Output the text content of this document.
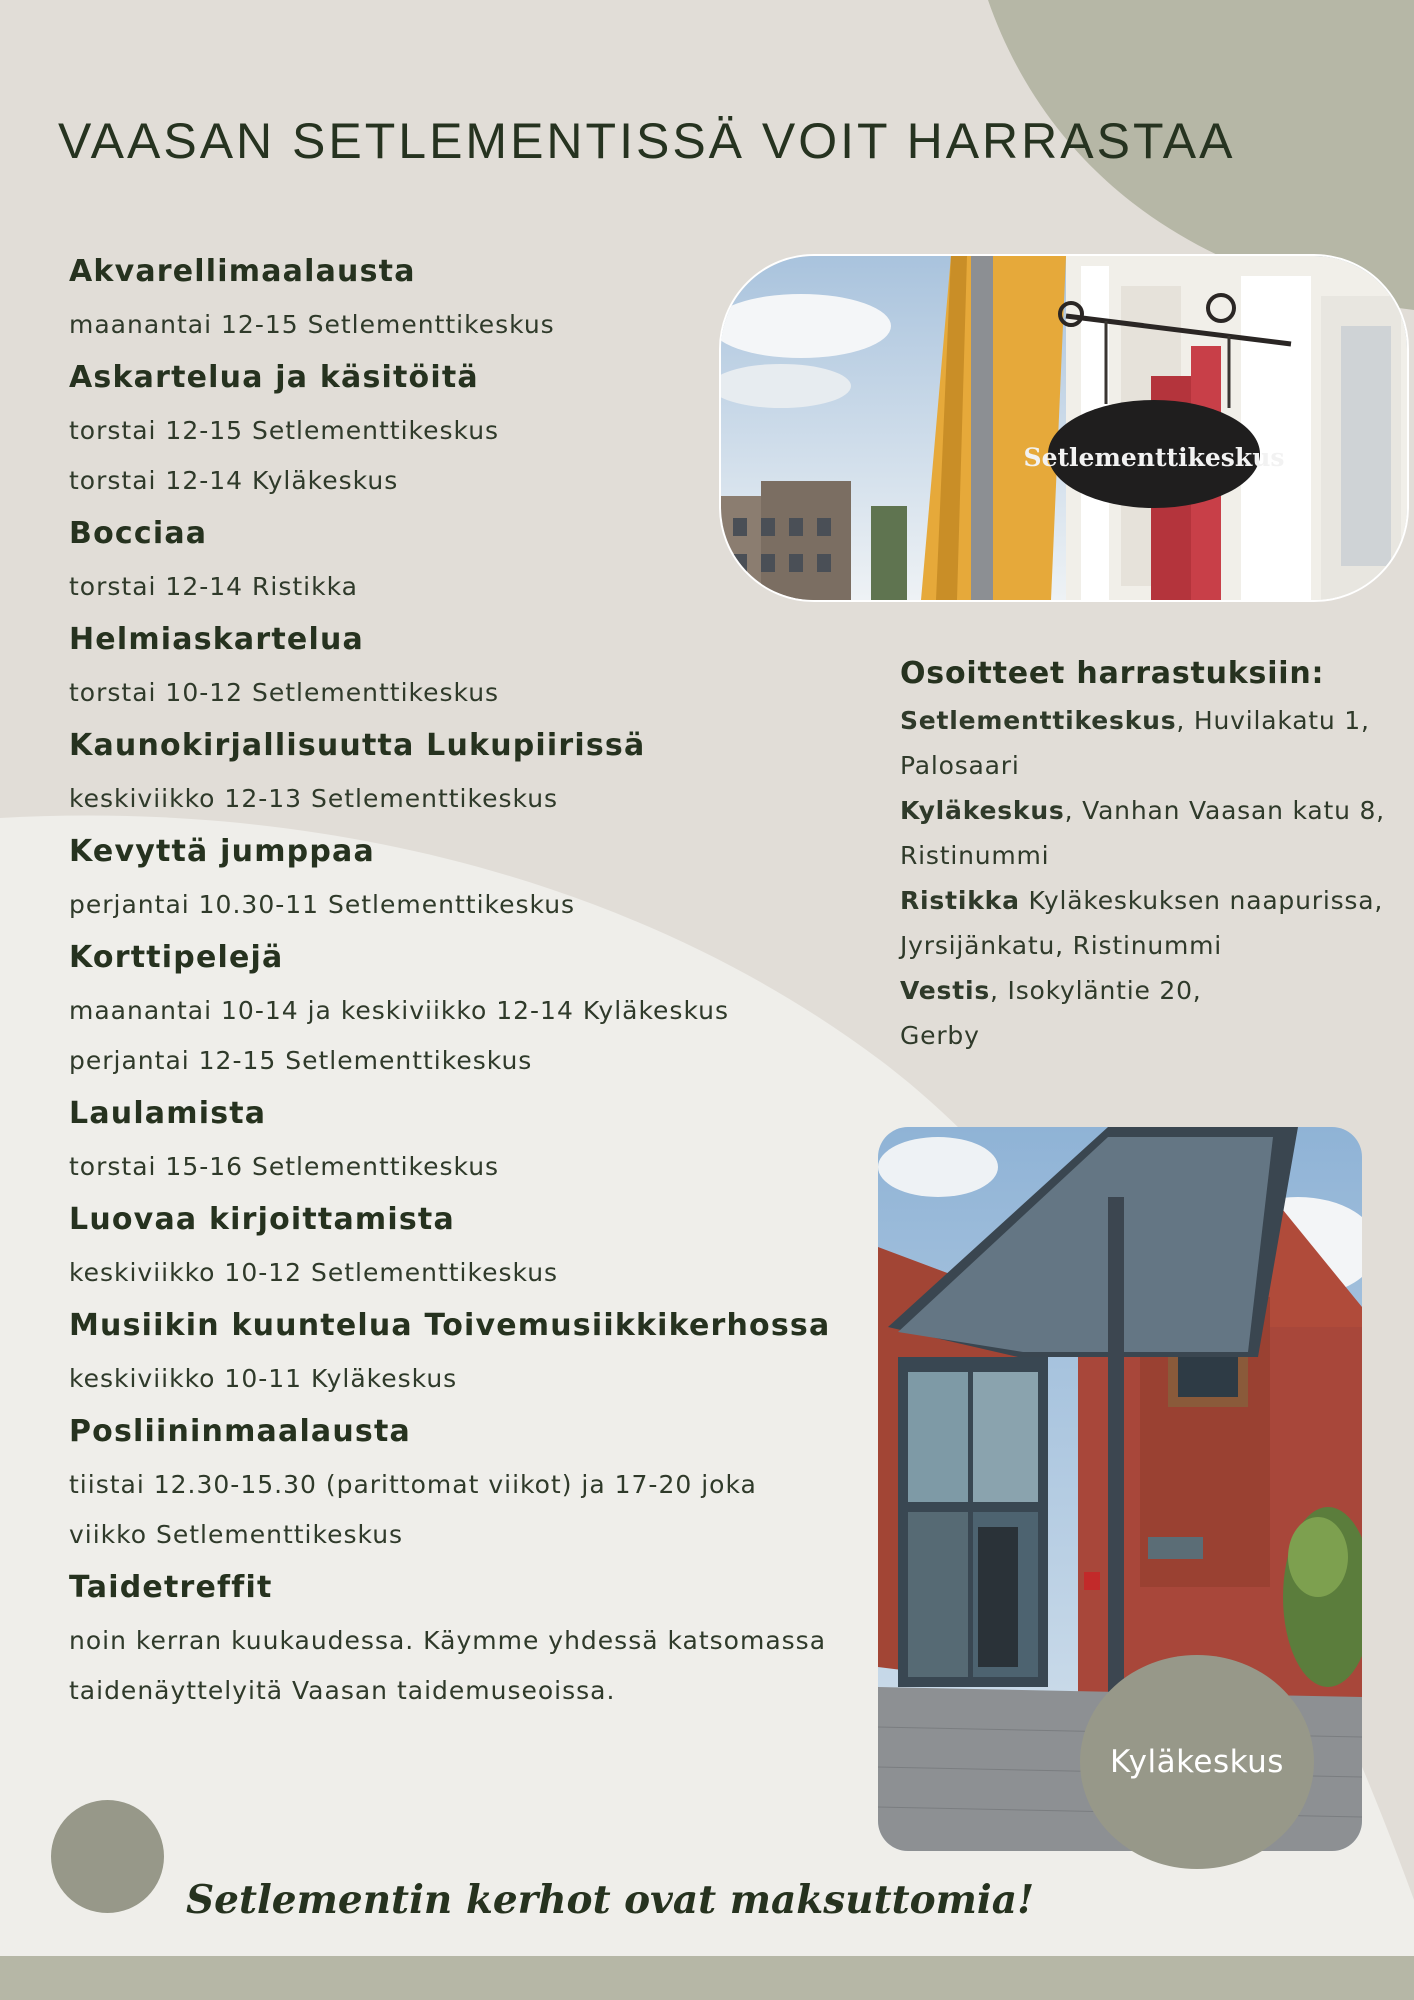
VAASAN SETLEMENTISSÄ VOIT HARRASTAA
Akvarellimaalausta
maanantai 12-15 Setlementtikeskus
Askartelua ja käsitöitä
torstai 12-15 Setlementtikeskus
torstai 12-14 Kyläkeskus
Bocciaa
torstai 12-14 Ristikka
Helmiaskartelua
torstai 10-12 Setlementtikeskus
Kaunokirjallisuutta Lukupiirissä
keskiviikko 12-13 Setlementtikeskus
Kevyttä jumppaa
perjantai 10.30-11 Setlementtikeskus
Korttipelejä
maanantai 10-14 ja keskiviikko 12-14 Kyläkeskus
perjantai 12-15 Setlementtikeskus
Laulamista
torstai 15-16 Setlementtikeskus
Luovaa kirjoittamista
keskiviikko 10-12 Setlementtikeskus
Musiikin kuuntelua Toivemusiikkikerhossa
keskiviikko 10-11 Kyläkeskus
Posliininmaalausta
tiistai 12.30-15.30 (parittomat viikot) ja 17-20 joka
viikko Setlementtikeskus
Taidetreffit
noin kerran kuukaudessa. Käymme yhdessä katsomassa
taidenäyttelyitä Vaasan taidemuseoissa.
Setlementtikeskus
Osoitteet harrastuksiin:
Setlementtikeskus, Huvilakatu 1,
Palosaari
Kyläkeskus, Vanhan Vaasan katu 8,
Ristinummi
Ristikka Kyläkeskuksen naapurissa,
Jyrsijänkatu, Ristinummi
Vestis, Isokyläntie 20,
Gerby
Kyläkeskus
Setlementin kerhot ovat maksuttomia!
